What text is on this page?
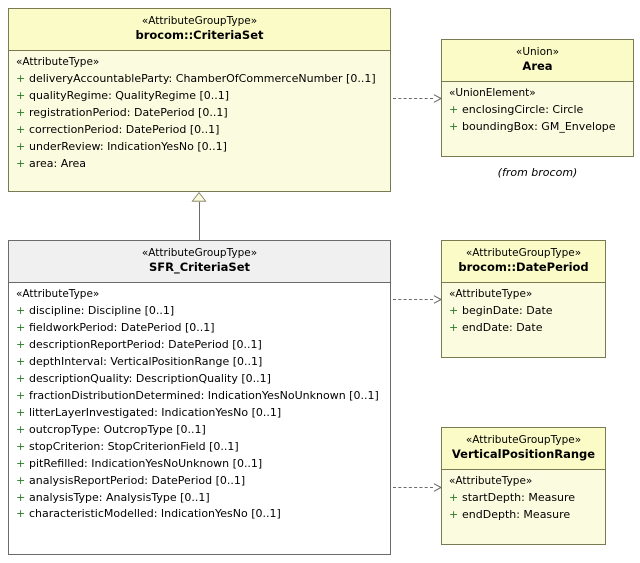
«AttributeGroupType»
brocom::CriteriaSet
«AttributeType»
+ deliveryAccountableParty: ChamberOfCommerceNumber [0..1]
+ qualityRegime: QualityRegime [0..1]
+ registrationPeriod: DatePeriod [0..1]
+ correctionPeriod: DatePeriod [0..1]
+ underReview: IndicationYesNo [0..1]
+ area: Area
«Union»
Area
«UnionElement»
+ enclosingCircle: Circle
+ boundingBox: GM_Envelope
(from brocom)
«AttributeGroupType»
SFR_CriteriaSet
«AttributeType»
+ discipline: Discipline [0..1]
+ fieldworkPeriod: DatePeriod [0..1]
+ descriptionReportPeriod: DatePeriod [0..1]
+ depthInterval: VerticalPositionRange [0..1]
+ descriptionQuality: DescriptionQuality [0..1]
+ fractionDistributionDetermined: IndicationYesNoUnknown [0..1]
+ litterLayerInvestigated: IndicationYesNo [0..1]
+ outcropType: OutcropType [0..1]
+ stopCriterion: StopCriterionField [0..1]
+ pitRefilled: IndicationYesNoUnknown [0..1]
+ analysisReportPeriod: DatePeriod [0..1]
+ analysisType: AnalysisType [0..1]
+ characteristicModelled: IndicationYesNo [0..1]
«AttributeGroupType»
brocom::DatePeriod
«AttributeType»
+ beginDate: Date
+ endDate: Date
«AttributeGroupType»
VerticalPositionRange
«AttributeType»
+ startDepth: Measure
+ endDepth: Measure
